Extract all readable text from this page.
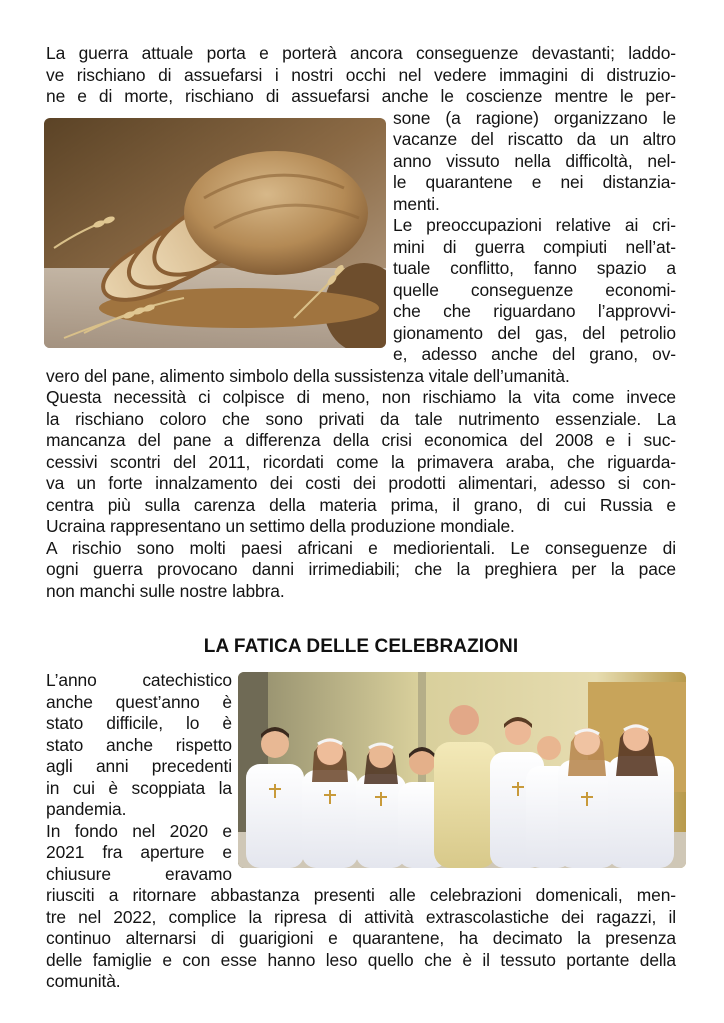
La guerra attuale porta e porterà ancora conseguenze devastanti; laddo-
ve rischiano di assuefarsi i nostri occhi nel vedere immagini di distruzio-
ne e di morte, rischiano di assuefarsi anche le coscienze mentre le per-
sone (a ragione) organizzano le
vacanze del riscatto da un altro
anno vissuto nella difficoltà, nel-
le quarantene e nei distanzia-
menti.
Le preoccupazioni relative ai cri-
mini di guerra compiuti nell’at-
tuale conflitto, fanno spazio a
quelle conseguenze economi-
che che riguardano l’approvvi-
gionamento del gas, del petrolio
e, adesso anche del grano, ov-
vero del pane, alimento simbolo della sussistenza vitale dell’umanità.
Questa necessità ci colpisce di meno, non rischiamo la vita come invece
la rischiano coloro che sono privati da tale nutrimento essenziale. La
mancanza del pane a differenza della crisi economica del 2008 e i suc-
cessivi scontri del 2011, ricordati come la primavera araba, che riguarda-
va un forte innalzamento dei costi dei prodotti alimentari, adesso si con-
centra più sulla carenza della materia prima, il grano, di cui Russia e
Ucraina rappresentano un settimo della produzione mondiale.
A rischio sono molti paesi africani e mediorientali. Le conseguenze di
ogni guerra provocano danni irrimediabili; che la preghiera per la pace
non manchi sulle nostre labbra.
LA FATICA DELLE CELEBRAZIONI
L’anno catechistico
anche quest’anno è
stato difficile, lo è
stato anche rispetto
agli anni precedenti
in cui è scoppiata la
pandemia.
In fondo nel 2020 e
2021 fra aperture e
chiusure eravamo
riusciti a ritornare abbastanza presenti alle celebrazioni domenicali, men-
tre nel 2022, complice la ripresa di attività extrascolastiche dei ragazzi, il
continuo alternarsi di guarigioni e quarantene, ha decimato la presenza
delle famiglie e con esse hanno leso quello che è il tessuto portante della
comunità.
